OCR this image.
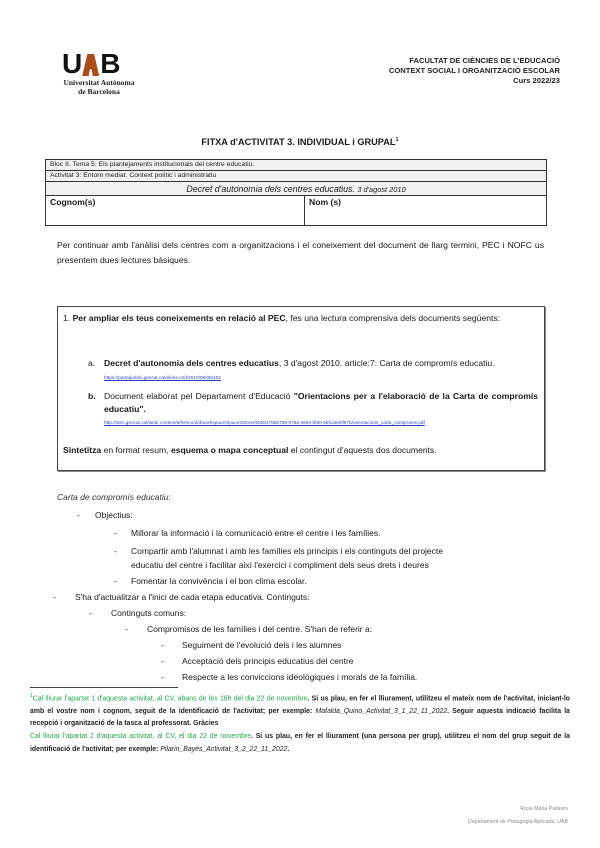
U B
Universitat Autònoma
de Barcelona
FACULTAT DE CIÈNCIES DE L'EDUCACIÓ
CONTEXT SOCIAL I ORGANITZACIÓ ESCOLAR
Curs 2022/23
FITXA d'ACTIVITAT 3. INDIVIDUAL i GRUPAL$^1$
Bloc II. Tema 5: Els plantejaments institucionals del centre educatiu.
Activitat 3: Entorn mediat. Context polític i administratiu
Decret d'autonomia dels centres educatius. 3 d'agost 2010
Cognom(s)	Nom (s)
Per continuar amb l'anàlisi dels centres com a organitzacions i el coneixement del document de llarg termini, PEC i NOFC us presentem dues lectures bàsiques.
1. Per ampliar els teus coneixements en relació al PEC, fes una lectura comprensiva dels documents següents:
a. Decret d'autonomia dels centres educatius, 3 d'agost 2010. article:7: Carta de compromís educatiu. https://portaljuridic.gencat.cat/eli/es-ct/d/2010/08/08/102
b. Document elaborat pel Departament d'Educació "Orientacions per a l'elaboració de la Carta de compromís educatiu".
http://xtec.gencat.cat/web/.content/alfresco/d/d/workspace/SpacesStore/0046/47b8b708-675a-4693-bf60-5bfcde80f87b/orientacions_carta_compromis.pdf
Sintetitza en format resum, esquema o mapa conceptual el contingut d'aquests dos documents.
Carta de compromís educatiu:
- Objectius:
- Millorar la informació i la comunicació entre el centre i les famílies.
- Compartir amb l'alumnat i amb les famílies els principis i els continguts del projecte
educatiu del centre i facilitar així l'exercici i compliment dels seus drets i deures
- Fomentar la convivència i el bon clima escolar.
- S'ha d'actualitzar a l'inici de cada etapa educativa. Continguts:
- Continguts comuns:
- Compromisos de les famílies i del centre. S'han de referir a:
- Seguiment de l'evolució dels i les alumnes
- Acceptació dels principis educatius del centre
- Respecte a les conviccions ideològiques i morals de la família.
$^1$Cal lliurar l'apartat 1 d'aquesta activitat, al CV, abans de les 16h del dia 22 de novembre. Si us plau, en fer el lliurament, utilitzeu el mateix nom de l'activitat, iniciant-lo amb el vostre nom i cognom, seguit de la identificació de l'activitat; per exemple: Mafalda_Quino_Activitat_3_1_22_11_2022. Seguir aquesta indicació facilita la recepció i organització de la tasca al professorat. Gràcies
Cal lliurar l'apartat 2 d'aquesta activitat, al CV, el dia 22 de novembre. Si us plau, en fer el lliurament (una persona per grup), utilitzeu el nom del grup seguit de la identificació de l'activitat; per exemple: Pilarin_Bayés_Activitat_3_2_22_11_2022.
Rosa Maria Pallarès
Departament de Pedagogia Aplicada. UAB
